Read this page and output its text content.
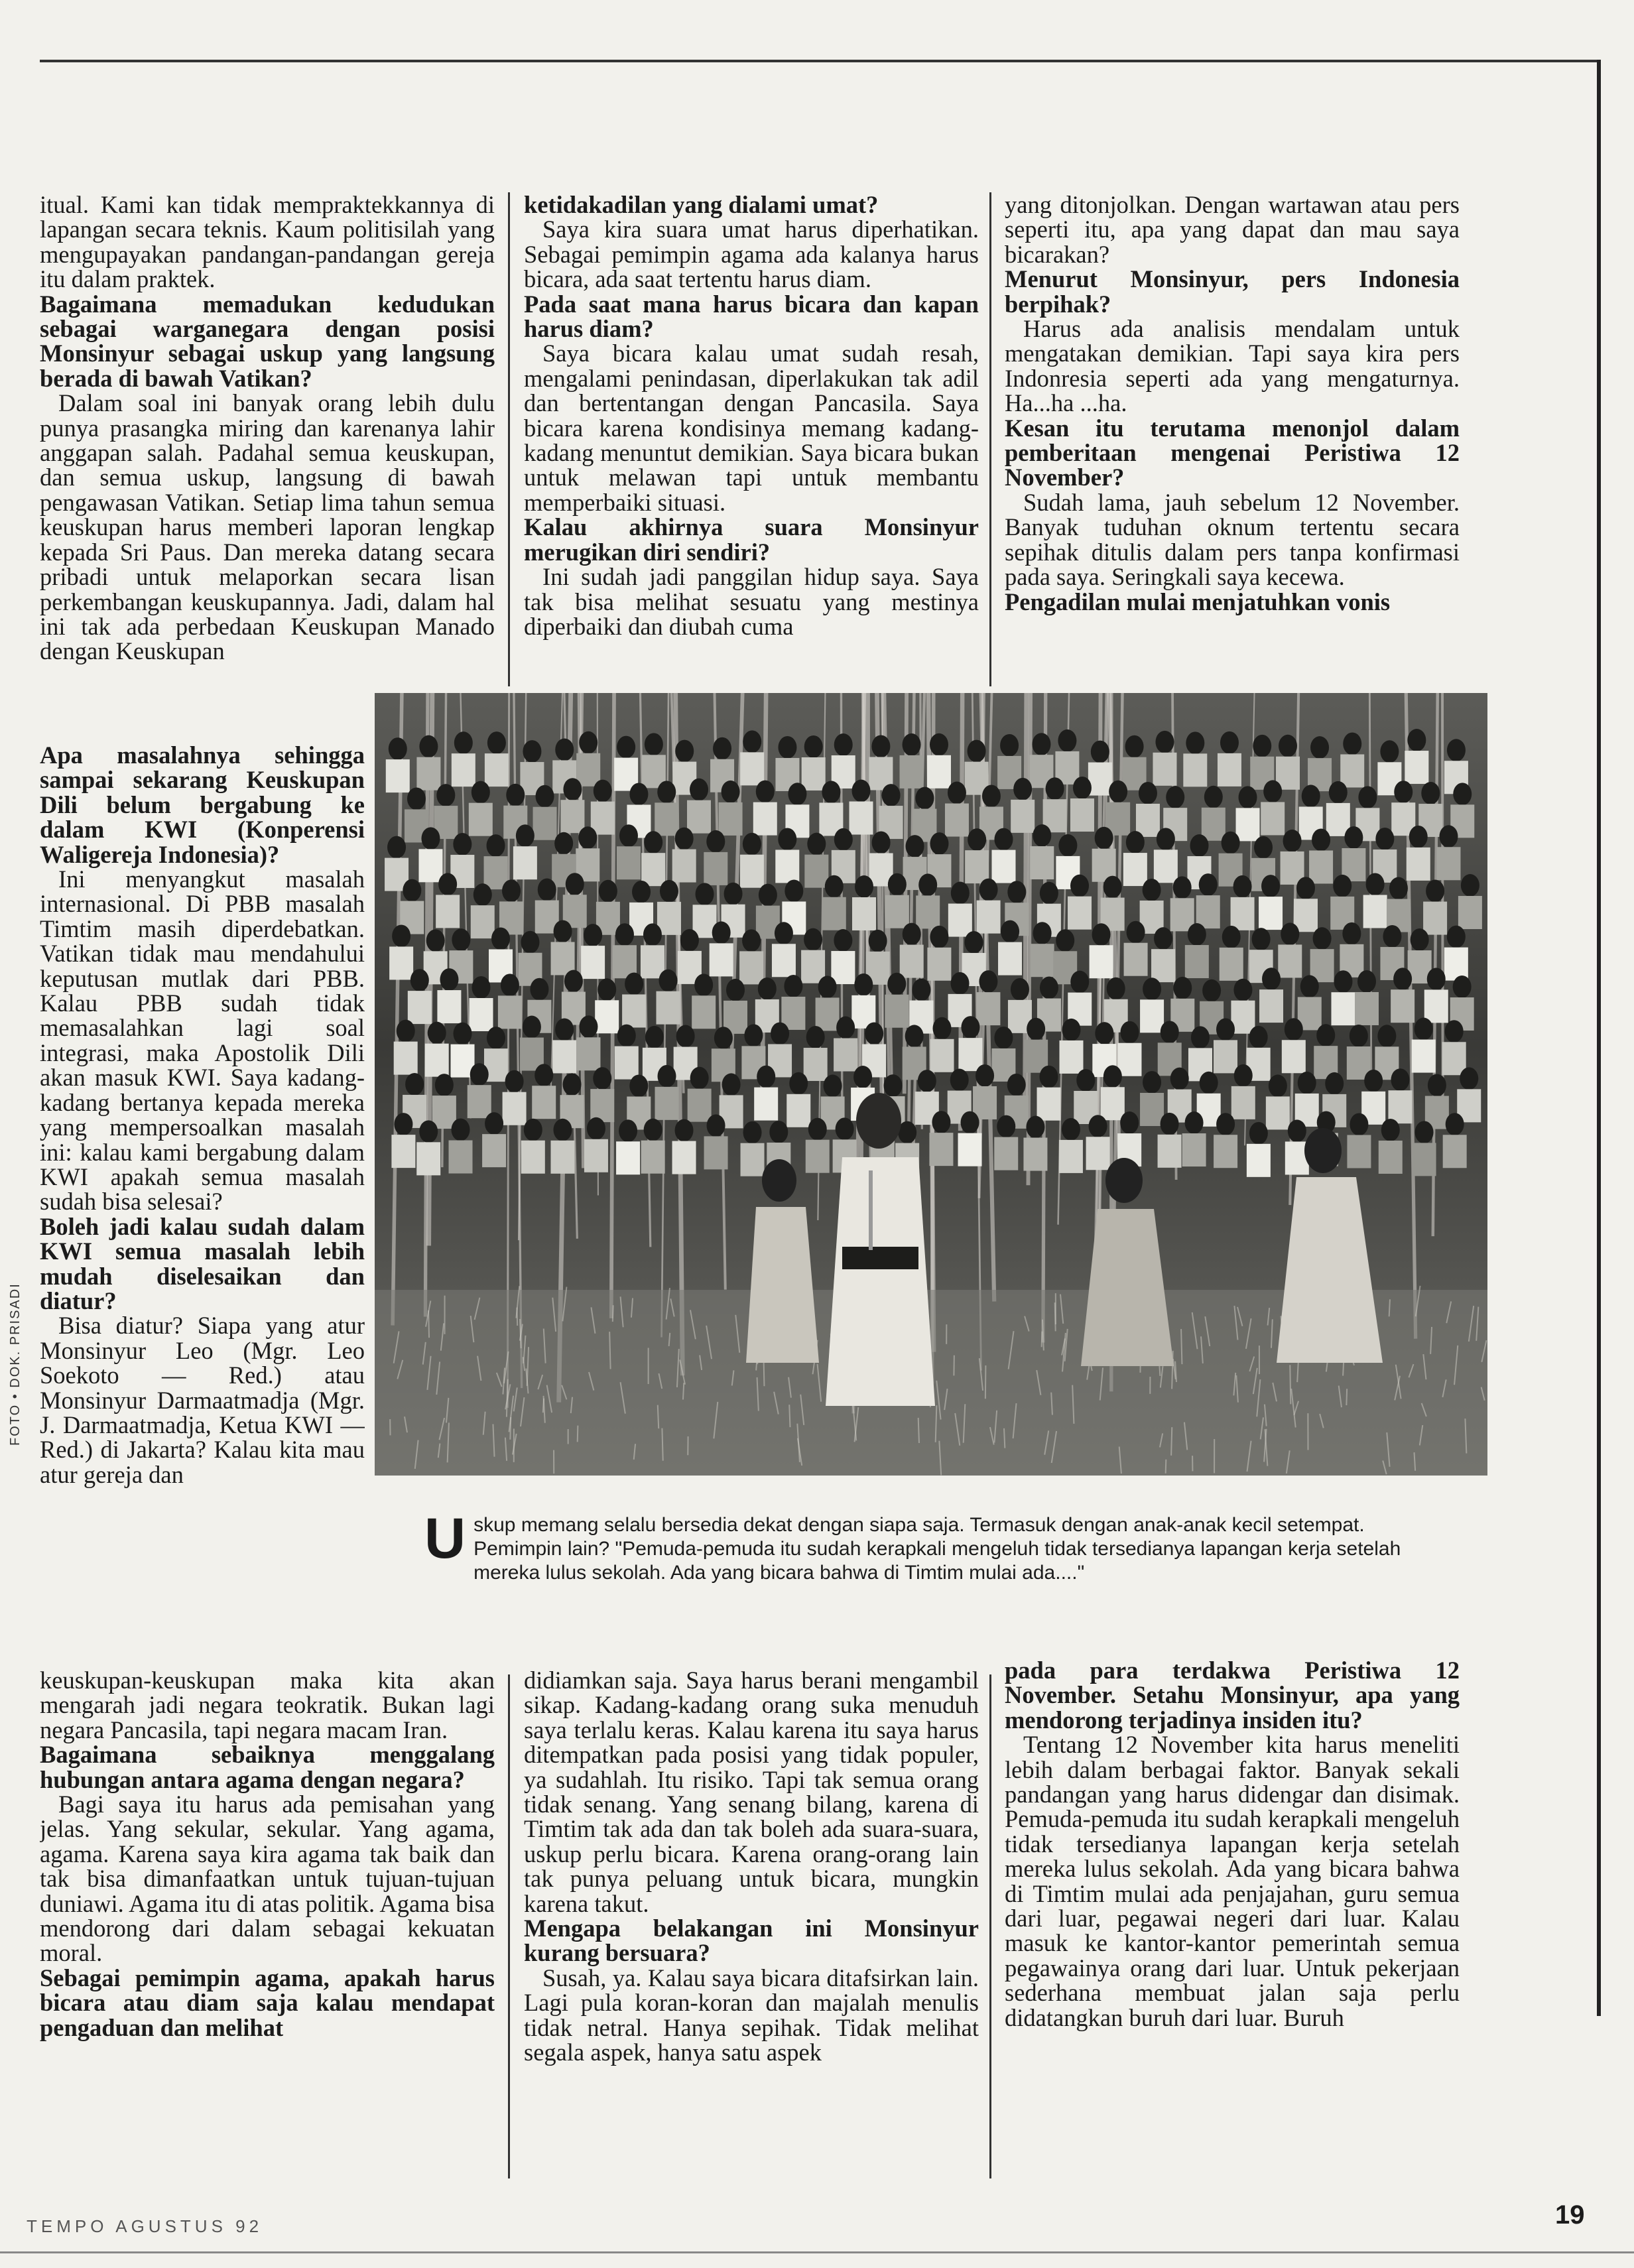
itual. Kami kan tidak mempraktekkannya di lapangan secara teknis. Kaum politisilah yang mengupayakan pandangan-pandangan gereja itu dalam praktek.

Bagaimana memadukan kedudukan sebagai warganegara dengan posisi Monsinyur sebagai uskup yang langsung berada di bawah Vatikan?

Dalam soal ini banyak orang lebih dulu punya prasangka miring dan karenanya lahir anggapan salah. Padahal semua keuskupan, dan semua uskup, langsung di bawah pengawasan Vatikan. Setiap lima tahun semua keuskupan harus memberi laporan lengkap kepada Sri Paus. Dan mereka datang secara pribadi untuk melaporkan secara lisan perkembangan keuskupannya. Jadi, dalam hal ini tak ada perbedaan Keuskupan Manado dengan Keuskupan

Apa masalahnya sehingga sampai sekarang Keuskupan Dili belum bergabung ke dalam KWI (Konperensi Waligereja Indonesia)?

Ini menyangkut masalah internasional. Di PBB masalah Timtim masih diperdebatkan. Vatikan tidak mau mendahului keputusan mutlak dari PBB. Kalau PBB sudah tidak memasalahkan lagi soal integrasi, maka Apostolik Dili akan masuk KWI. Saya kadang-kadang bertanya kepada mereka yang mempersoalkan masalah ini: kalau kami bergabung dalam KWI apakah semua masalah sudah bisa selesai?

Boleh jadi kalau sudah dalam KWI semua masalah lebih mudah diselesaikan dan diatur?

Bisa diatur? Siapa yang atur Monsinyur Leo (Mgr. Leo Soekoto — Red.) atau Monsinyur Darmaatmadja (Mgr. J. Darmaatmadja, Ketua KWI — Red.) di Jakarta? Kalau kita mau atur gereja dan

keuskupan-keuskupan maka kita akan mengarah jadi negara teokratik. Bukan lagi negara Pancasila, tapi negara macam Iran.

Bagaimana sebaiknya menggalang hubungan antara agama dengan negara?

Bagi saya itu harus ada pemisahan yang jelas. Yang sekular, sekular. Yang agama, agama. Karena saya kira agama tak baik dan tak bisa dimanfaatkan untuk tujuan-tujuan duniawi. Agama itu di atas politik. Agama bisa mendorong dari dalam sebagai kekuatan moral.

Sebagai pemimpin agama, apakah harus bicara atau diam saja kalau mendapat pengaduan dan melihat

ketidakadilan yang dialami umat?

Saya kira suara umat harus diperhatikan. Sebagai pemimpin agama ada kalanya harus bicara, ada saat tertentu harus diam.

Pada saat mana harus bicara dan kapan harus diam?

Saya bicara kalau umat sudah resah, mengalami penindasan, diperlakukan tak adil dan bertentangan dengan Pancasila. Saya bicara karena kondisinya memang kadang-kadang menuntut demikian. Saya bicara bukan untuk melawan tapi untuk membantu memperbaiki situasi.

Kalau akhirnya suara Monsinyur merugikan diri sendiri?

Ini sudah jadi panggilan hidup saya. Saya tak bisa melihat sesuatu yang mestinya diperbaiki dan diubah cuma

yang ditonjolkan. Dengan wartawan atau pers seperti itu, apa yang dapat dan mau saya bicarakan?

Menurut Monsinyur, pers Indonesia berpihak?

Harus ada analisis mendalam untuk mengatakan demikian. Tapi saya kira pers Indonresia seperti ada yang mengaturnya. Ha...ha ...ha.

Kesan itu terutama menonjol dalam pemberitaan mengenai Peristiwa 12 November?

Sudah lama, jauh sebelum 12 November. Banyak tuduhan oknum tertentu secara sepihak ditulis dalam pers tanpa konfirmasi pada saya. Seringkali saya kecewa.

Pengadilan mulai menjatuhkan vonis

U skup memang selalu bersedia dekat dengan siapa saja. Termasuk dengan anak-anak kecil setempat. Pemimpin lain? "Pemuda-pemuda itu sudah kerapkali mengeluh tidak tersedianya lapangan kerja setelah mereka lulus sekolah. Ada yang bicara bahwa di Timtim mulai ada...."

didiamkan saja. Saya harus berani mengambil sikap. Kadang-kadang orang suka menuduh saya terlalu keras. Kalau karena itu saya harus ditempatkan pada posisi yang tidak populer, ya sudahlah. Itu risiko. Tapi tak semua orang tidak senang. Yang senang bilang, karena di Timtim tak ada dan tak boleh ada suara-suara, uskup perlu bicara. Karena orang-orang lain tak punya peluang untuk bicara, mungkin karena takut.

Mengapa belakangan ini Monsinyur kurang bersuara?

Susah, ya. Kalau saya bicara ditafsirkan lain. Lagi pula koran-koran dan majalah menulis tidak netral. Hanya sepihak. Tidak melihat segala aspek, hanya satu aspek

pada para terdakwa Peristiwa 12 November. Setahu Monsinyur, apa yang mendorong terjadinya insiden itu?

Tentang 12 November kita harus meneliti lebih dalam berbagai faktor. Banyak sekali pandangan yang harus didengar dan disimak. Pemuda-pemuda itu sudah kerapkali mengeluh tidak tersedianya lapangan kerja setelah mereka lulus sekolah. Ada yang bicara bahwa di Timtim mulai ada penjajahan, guru semua dari luar, pegawai negeri dari luar. Kalau masuk ke kantor-kantor pemerintah semua pegawainya orang dari luar. Untuk pekerjaan sederhana membuat jalan saja perlu didatangkan buruh dari luar. Buruh

FOTO • DOK. PRISADI
TEMPO AGUSTUS 92	19
